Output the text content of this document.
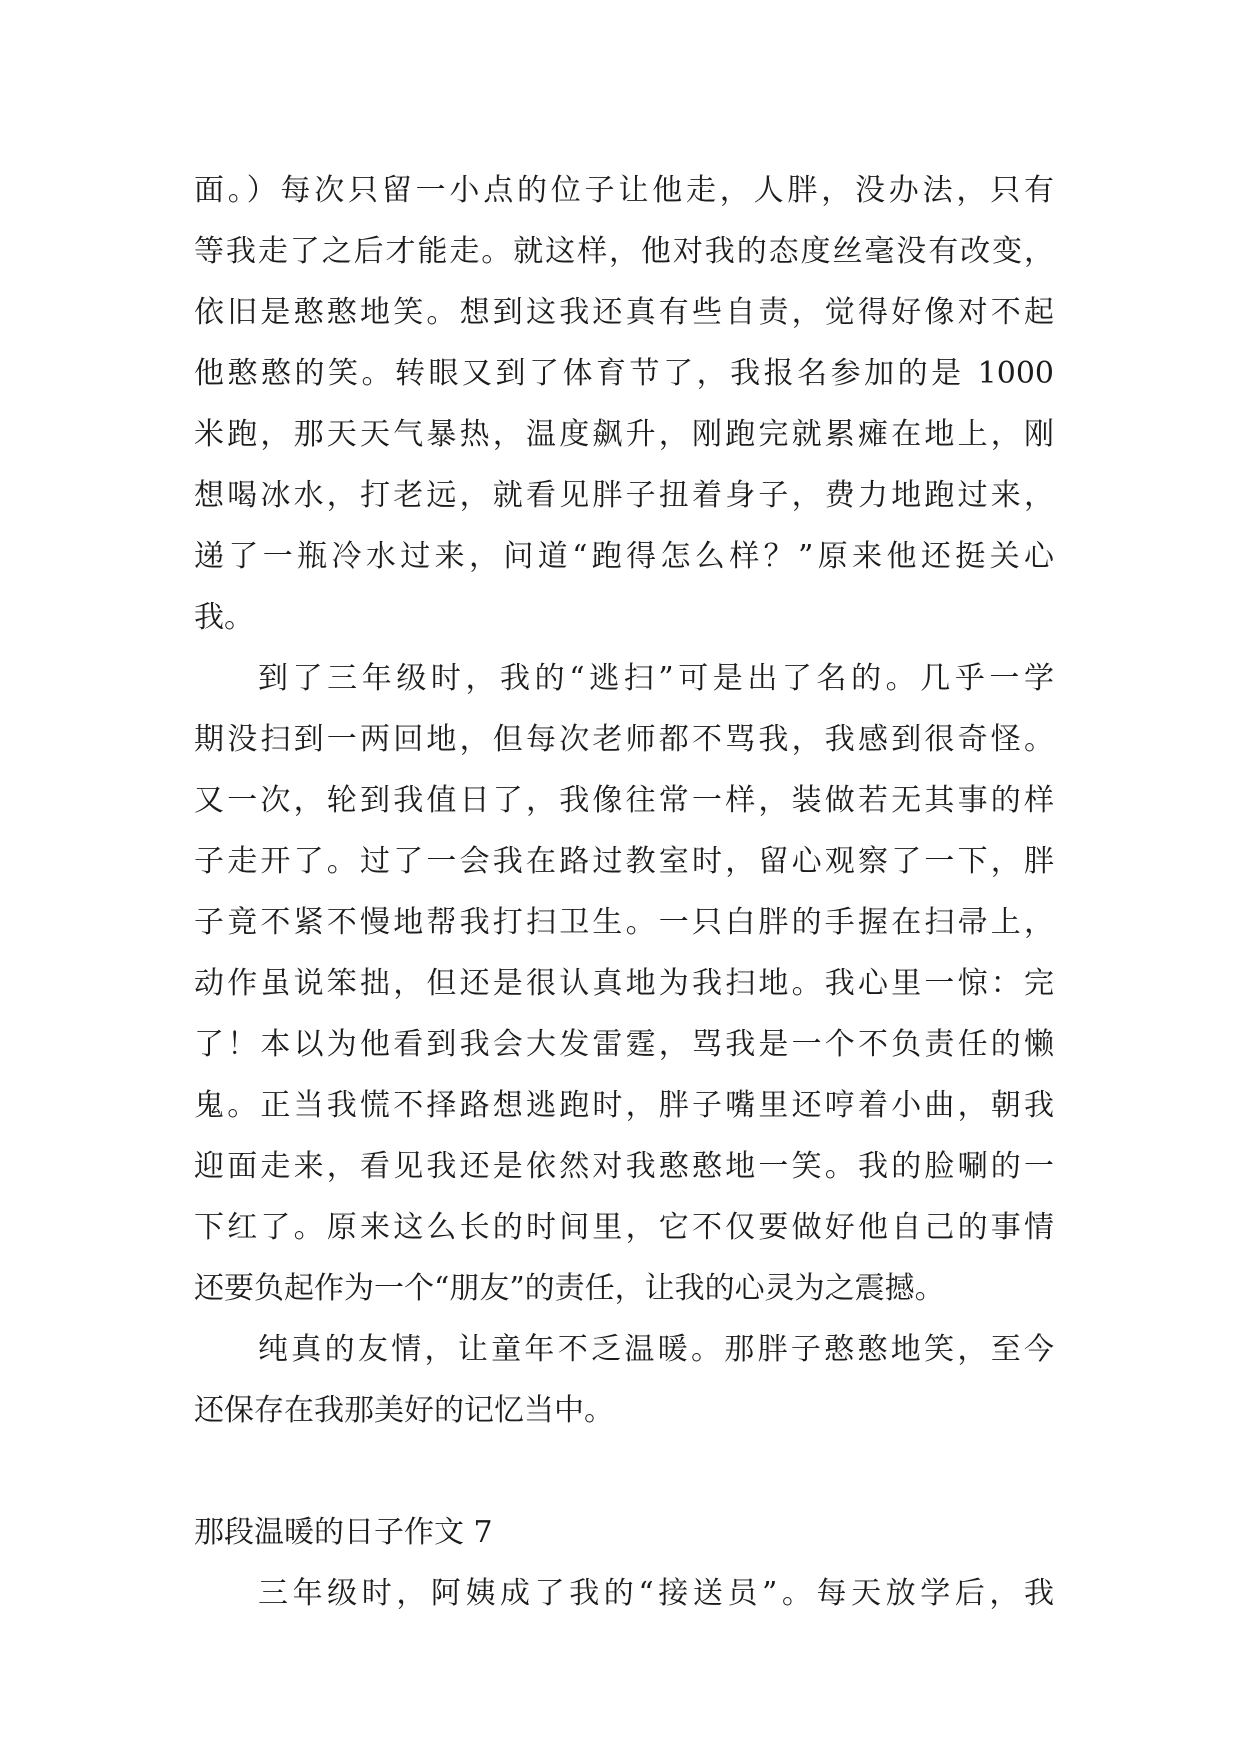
面。）每次只留一小点的位子让他走，人胖，没办法，只有
等我走了之后才能走。就这样，他对我的态度丝毫没有改变，
依旧是憨憨地笑。想到这我还真有些自责，觉得好像对不起
他憨憨的笑。转眼又到了体育节了，我报名参加的是 1000
米跑，那天天气暴热，温度飙升，刚跑完就累瘫在地上，刚
想喝冰水，打老远，就看见胖子扭着身子，费力地跑过来，
递了一瓶冷水过来，问道“跑得怎么样？”原来他还挺关心
我。
到了三年级时，我的“逃扫”可是出了名的。几乎一学
期没扫到一两回地，但每次老师都不骂我，我感到很奇怪。
又一次，轮到我值日了，我像往常一样，装做若无其事的样
子走开了。过了一会我在路过教室时，留心观察了一下，胖
子竟不紧不慢地帮我打扫卫生。一只白胖的手握在扫帚上，
动作虽说笨拙，但还是很认真地为我扫地。我心里一惊：完
了！本以为他看到我会大发雷霆，骂我是一个不负责任的懒
鬼。正当我慌不择路想逃跑时，胖子嘴里还哼着小曲，朝我
迎面走来，看见我还是依然对我憨憨地一笑。我的脸唰的一
下红了。原来这么长的时间里，它不仅要做好他自己的事情
还要负起作为一个“朋友”的责任，让我的心灵为之震撼。
纯真的友情，让童年不乏温暖。那胖子憨憨地笑，至今
还保存在我那美好的记忆当中。
那段温暖的日子作文 7
三年级时，阿姨成了我的“接送员”。每天放学后，我
